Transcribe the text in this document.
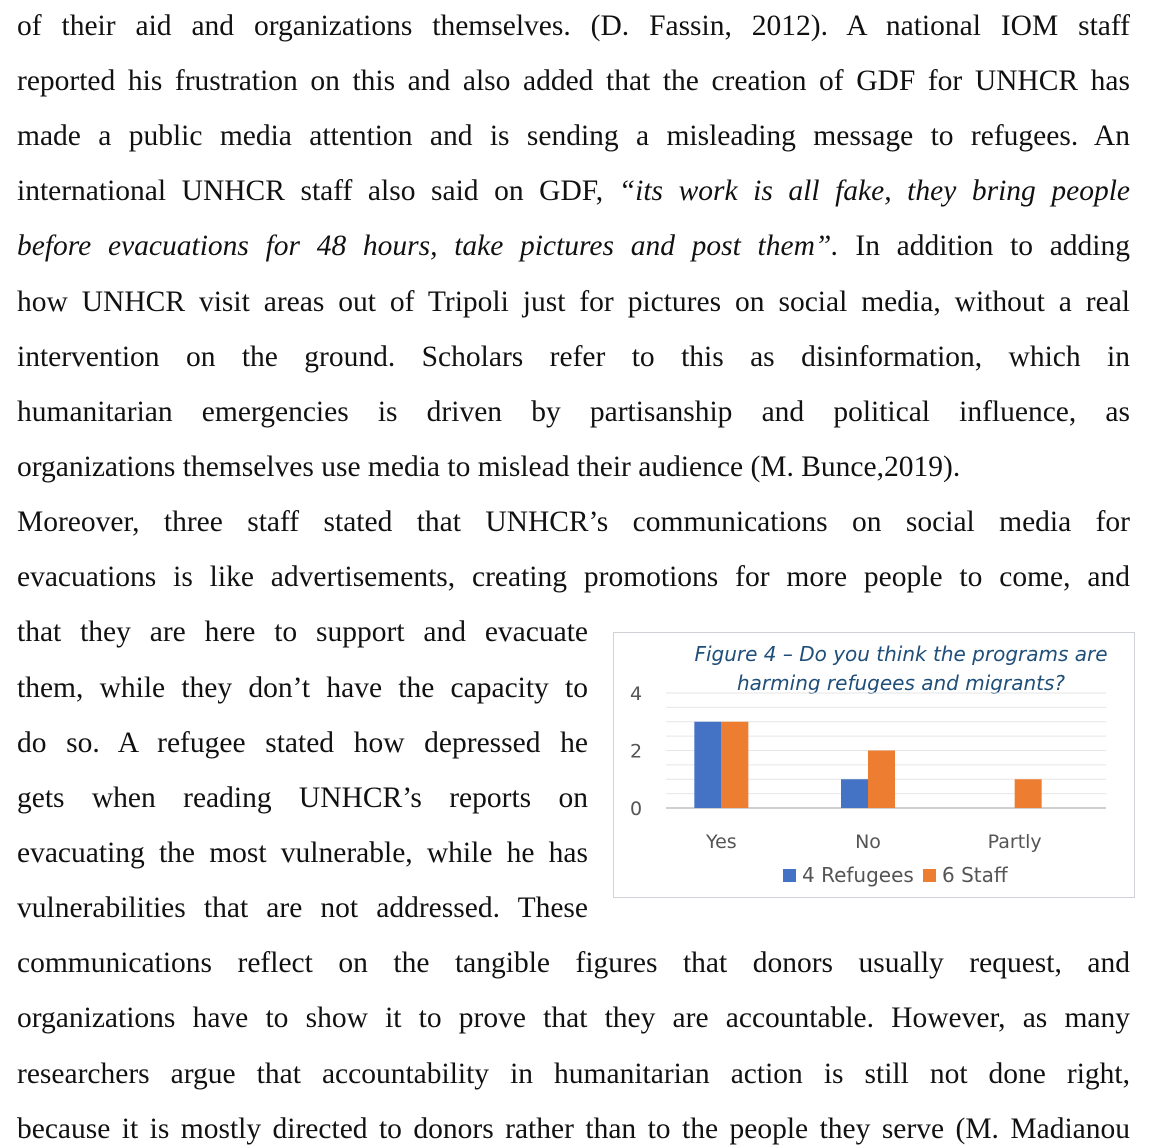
of their aid and organizations themselves. (D. Fassin, 2012). A national IOM staff
reported his frustration on this and also added that the creation of GDF for UNHCR has
made a public media attention and is sending a misleading message to refugees. An
international UNHCR staff also said on GDF, “its work is all fake, they bring people
before evacuations for 48 hours, take pictures and post them”. In addition to adding
how UNHCR visit areas out of Tripoli just for pictures on social media, without a real
intervention on the ground. Scholars refer to this as disinformation, which in
humanitarian emergencies is driven by partisanship and political influence, as
organizations themselves use media to mislead their audience (M. Bunce,2019).
Moreover, three staff stated that UNHCR’s communications on social media for
evacuations is like advertisements, creating promotions for more people to come, and
that they are here to support and evacuate
them, while they don’t have the capacity to
do so. A refugee stated how depressed he
gets when reading UNHCR’s reports on
evacuating the most vulnerable, while he has
vulnerabilities that are not addressed. These
communications reflect on the tangible figures that donors usually request, and
organizations have to show it to prove that they are accountable. However, as many
researchers argue that accountability in humanitarian action is still not done right,
because it is mostly directed to donors rather than to the people they serve (M. Madianou
Figure 4 – Do you think the programs are
harming refugees and migrants?
0
2
4
Yes	No	Partly
4 Refugees 6 Staff
